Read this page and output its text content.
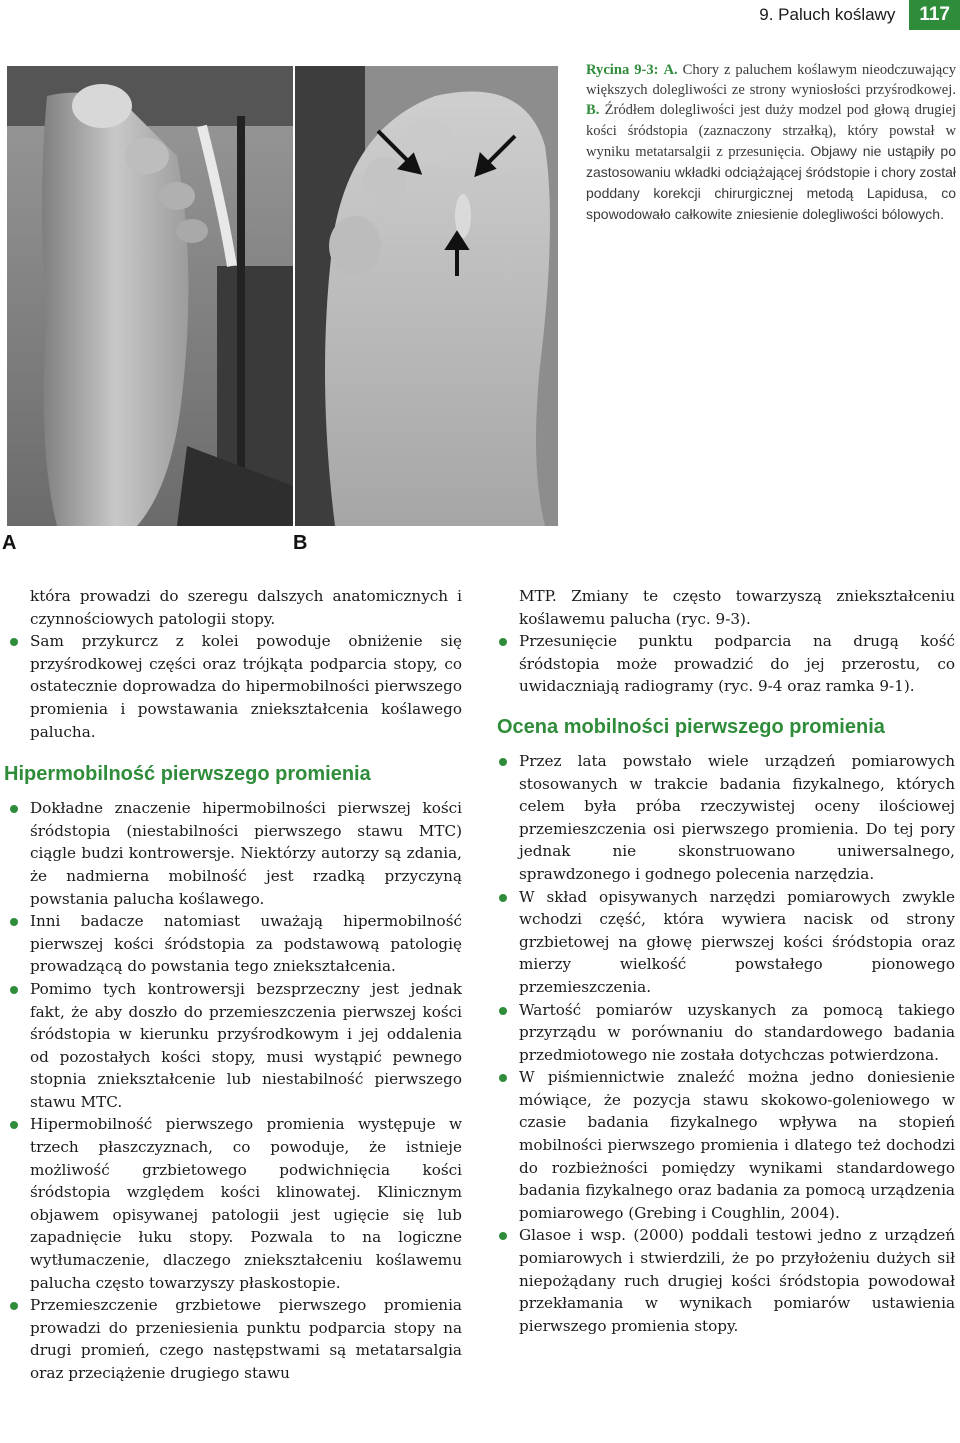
9. Paluch koślawy	117
A	B
Rycina 9-3: A. Chory z paluchem koślawym nieodczuwający większych dolegliwości ze strony wyniosłości przyśrodkowej. B. Źródłem dolegliwości jest duży modzel pod głową drugiej kości śródstopia (zaznaczony strzałką), który powstał w wyniku metatarsalgii z przesunięcia. Objawy nie ustąpiły po zastosowaniu wkładki odciążającej śródstopie i chory został poddany korekcji chirurgicznej metodą Lapidusa, co spowodowało całkowite zniesienie dolegliwości bólowych.

która prowadzi do szeregu dalszych anatomicznych i czynnościowych patologii stopy.

Sam przykurcz z kolei powoduje obniżenie się przyśrodkowej części oraz trójkąta podparcia stopy, co ostatecznie doprowadza do hipermobilności pierwszego promienia i powstawania zniekształcenia koślawego palucha.
Hipermobilność pierwszego promienia
Dokładne znaczenie hipermobilności pierwszej kości śródstopia (niestabilności pierwszego stawu MTC) ciągle budzi kontrowersje. Niektórzy autorzy są zdania, że nadmierna mobilność jest rzadką przyczyną powstania palucha koślawego.
Inni badacze natomiast uważają hipermobilność pierwszej kości śródstopia za podstawową patologię prowadzącą do powstania tego zniekształcenia.
Pomimo tych kontrowersji bezsprzeczny jest jednak fakt, że aby doszło do przemieszczenia pierwszej kości śródstopia w kierunku przyśrodkowym i jej oddalenia od pozostałych kości stopy, musi wystąpić pewnego stopnia zniekształcenie lub niestabilność pierwszego stawu MTC.
Hipermobilność pierwszego promienia występuje w trzech płaszczyznach, co powoduje, że istnieje możliwość grzbietowego podwichnięcia kości śródstopia względem kości klinowatej. Klinicznym objawem opisywanej patologii jest ugięcie się lub zapadnięcie łuku stopy. Pozwala to na logiczne wytłumaczenie, dlaczego zniekształceniu koślawemu palucha często towarzyszy płaskostopie.
Przemieszczenie grzbietowe pierwszego promienia prowadzi do przeniesienia punktu podparcia stopy na drugi promień, czego następstwami są metatarsalgia oraz przeciążenie drugiego stawu

MTP. Zmiany te często towarzyszą zniekształceniu koślawemu palucha (ryc. 9-3).

Przesunięcie punktu podparcia na drugą kość śródstopia może prowadzić do jej przerostu, co uwidaczniają radiogramy (ryc. 9-4 oraz ramka 9-1).
Ocena mobilności pierwszego promienia
Przez lata powstało wiele urządzeń pomiarowych stosowanych w trakcie badania fizykalnego, których celem była próba rzeczywistej oceny ilościowej przemieszczenia osi pierwszego promienia. Do tej pory jednak nie skonstruowano uniwersalnego, sprawdzonego i godnego polecenia narzędzia.
W skład opisywanych narzędzi pomiarowych zwykle wchodzi część, która wywiera nacisk od strony grzbietowej na głowę pierwszej kości śródstopia oraz mierzy wielkość powstałego pionowego przemieszczenia.
Wartość pomiarów uzyskanych za pomocą takiego przyrządu w porównaniu do standardowego badania przedmiotowego nie została dotychczas potwierdzona.
W piśmiennictwie znaleźć można jedno doniesienie mówiące, że pozycja stawu skokowo-goleniowego w czasie badania fizykalnego wpływa na stopień mobilności pierwszego promienia i dlatego też dochodzi do rozbieżności pomiędzy wynikami standardowego badania fizykalnego oraz badania za pomocą urządzenia pomiarowego (Grebing i Coughlin, 2004).
Glasoe i wsp. (2000) poddali testowi jedno z urządzeń pomiarowych i stwierdzili, że po przyłożeniu dużych sił niepożądany ruch drugiej kości śródstopia powodował przekłamania w wynikach pomiarów ustawienia pierwszego promienia stopy.
